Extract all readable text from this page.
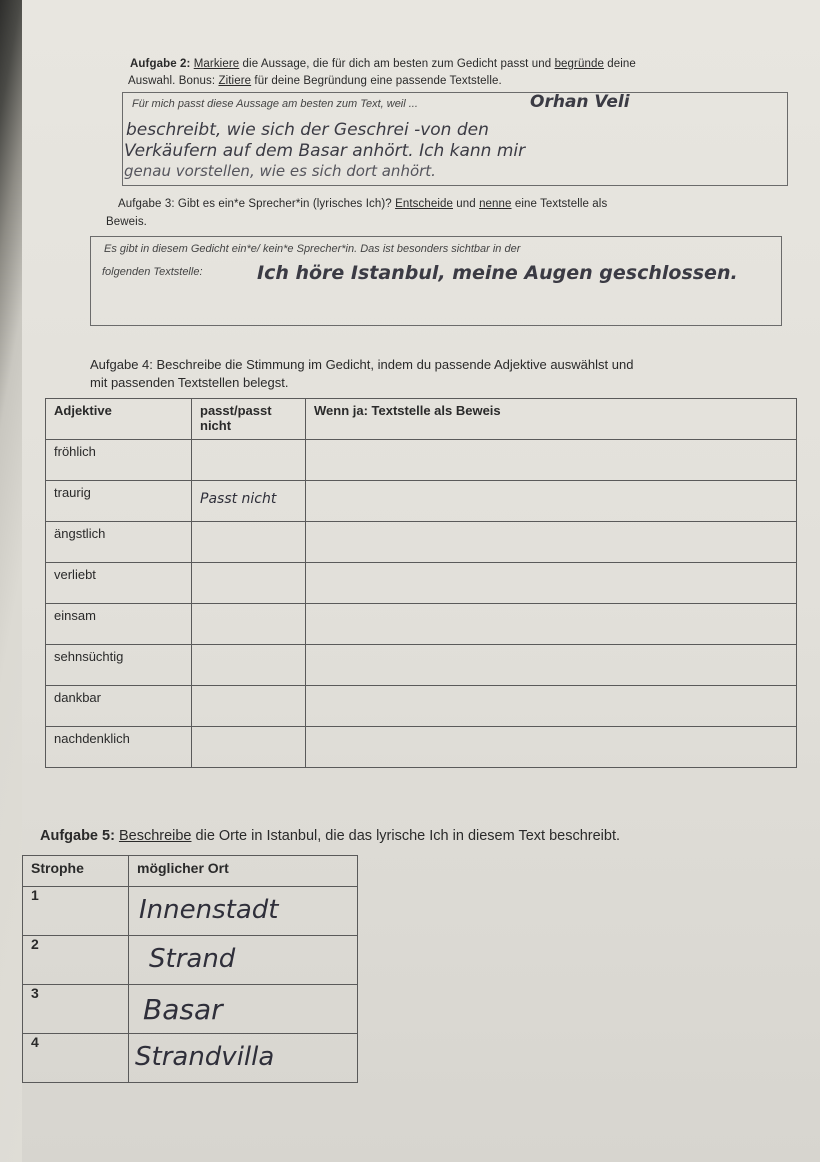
Aufgabe 2: Markiere die Aussage, die für dich am besten zum Gedicht passt und begründe deine
Auswahl. Bonus: Zitiere für deine Begründung eine passende Textstelle.
Für mich passt diese Aussage am besten zum Text, weil ...	Orhan Veli
beschreibt, wie sich der Geschrei -von den
Verkäufern auf dem Basar anhört. Ich kann mir
genau vorstellen, wie es sich dort anhört.
Aufgabe 3: Gibt es ein*e Sprecher*in (lyrisches Ich)? Entscheide und nenne eine Textstelle als
Beweis.
Es gibt in diesem Gedicht ein*e/ kein*e Sprecher*in. Das ist besonders sichtbar in der
folgenden Textstelle:	Ich höre Istanbul, meine Augen geschlossen.
Aufgabe 4: Beschreibe die Stimmung im Gedicht, indem du passende Adjektive auswählst und
mit passenden Textstellen belegst.
Adjektive	passt/passt nicht	Wenn ja: Textstelle als Beweis
fröhlich		
traurig	Passt nicht	
ängstlich		
verliebt		
einsam		
sehnsüchtig		
dankbar		
nachdenklich		
Aufgabe 5: Beschreibe die Orte in Istanbul, die das lyrische Ich in diesem Text beschreibt.
Strophe	möglicher Ort
1	Innenstadt
2	Strand
3	Basar
4	Strandvilla
